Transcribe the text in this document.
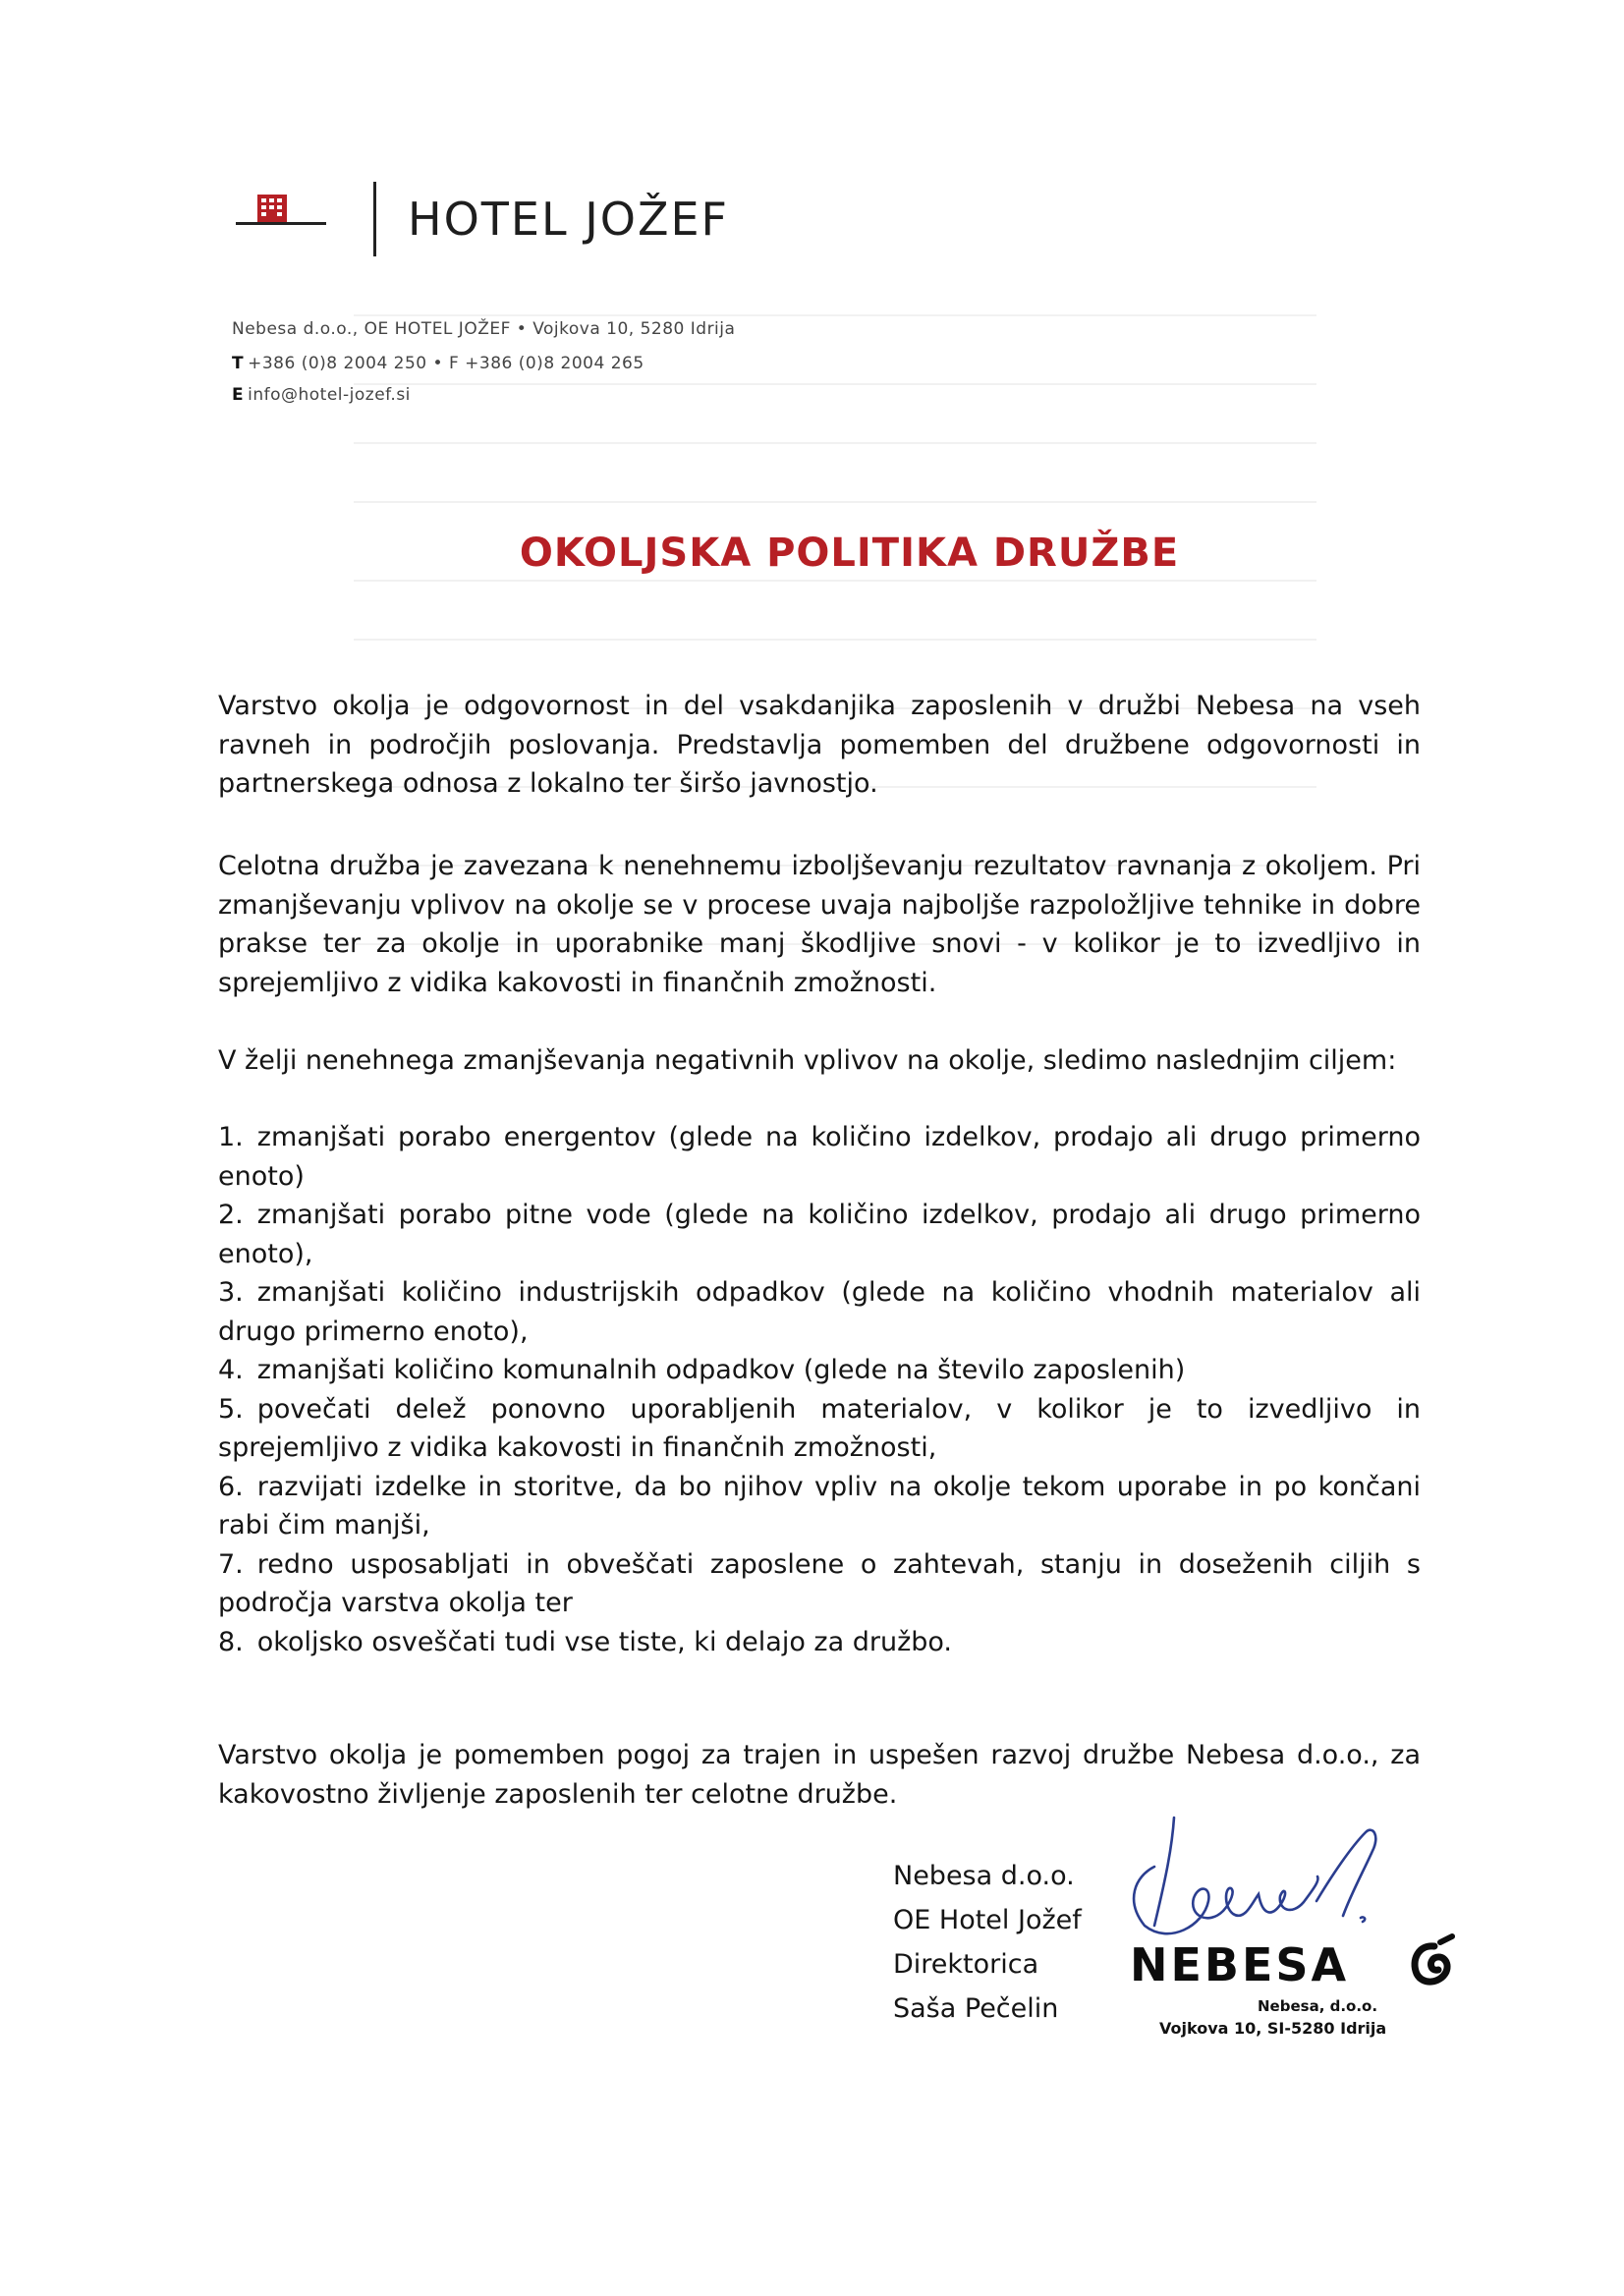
HOTEL JOŽEF
Nebesa d.o.o., OE HOTEL JOŽEF • Vojkova 10, 5280 Idrija
T +386 (0)8 2004 250 • F +386 (0)8 2004 265
E info@hotel-jozef.si
OKOLJSKA POLITIKA DRUŽBE

Varstvo okolja je odgovornost in del vsakdanjika zaposlenih v družbi Nebesa na vseh ravneh in področjih poslovanja. Predstavlja pomemben del družbene odgovornosti in partnerskega odnosa z lokalno ter širšo javnostjo.

Celotna družba je zavezana k nenehnemu izboljševanju rezultatov ravnanja z okoljem. Pri zmanjševanju vplivov na okolje se v procese uvaja najboljše razpoložljive tehnike in dobre prakse ter za okolje in uporabnike manj škodljive snovi - v kolikor je to izvedljivo in sprejemljivo z vidika kakovosti in finančnih zmožnosti.

V želji nenehnega zmanjševanja negativnih vplivov na okolje, sledimo naslednjim ciljem:

1. zmanjšati porabo energentov (glede na količino izdelkov, prodajo ali drugo primerno enoto)
2. zmanjšati porabo pitne vode (glede na količino izdelkov, prodajo ali drugo primerno enoto),
3. zmanjšati količino industrijskih odpadkov (glede na količino vhodnih materialov ali drugo primerno enoto),
4. zmanjšati količino komunalnih odpadkov (glede na število zaposlenih)
5. povečati delež ponovno uporabljenih materialov, v kolikor je to izvedljivo in sprejemljivo z vidika kakovosti in finančnih zmožnosti,
6. razvijati izdelke in storitve, da bo njihov vpliv na okolje tekom uporabe in po končani rabi čim manjši,
7. redno usposabljati in obveščati zaposlene o zahtevah, stanju in doseženih ciljih s področja varstva okolja ter
8. okoljsko osveščati tudi vse tiste, ki delajo za družbo.

Varstvo okolja je pomemben pogoj za trajen in uspešen razvoj družbe Nebesa d.o.o., za kakovostno življenje zaposlenih ter celotne družbe.

Nebesa d.o.o.
OE Hotel Jožef
Direktorica
Saša Pečelin
NEBESA
Nebesa, d.o.o.
Vojkova 10, SI-5280 Idrija
